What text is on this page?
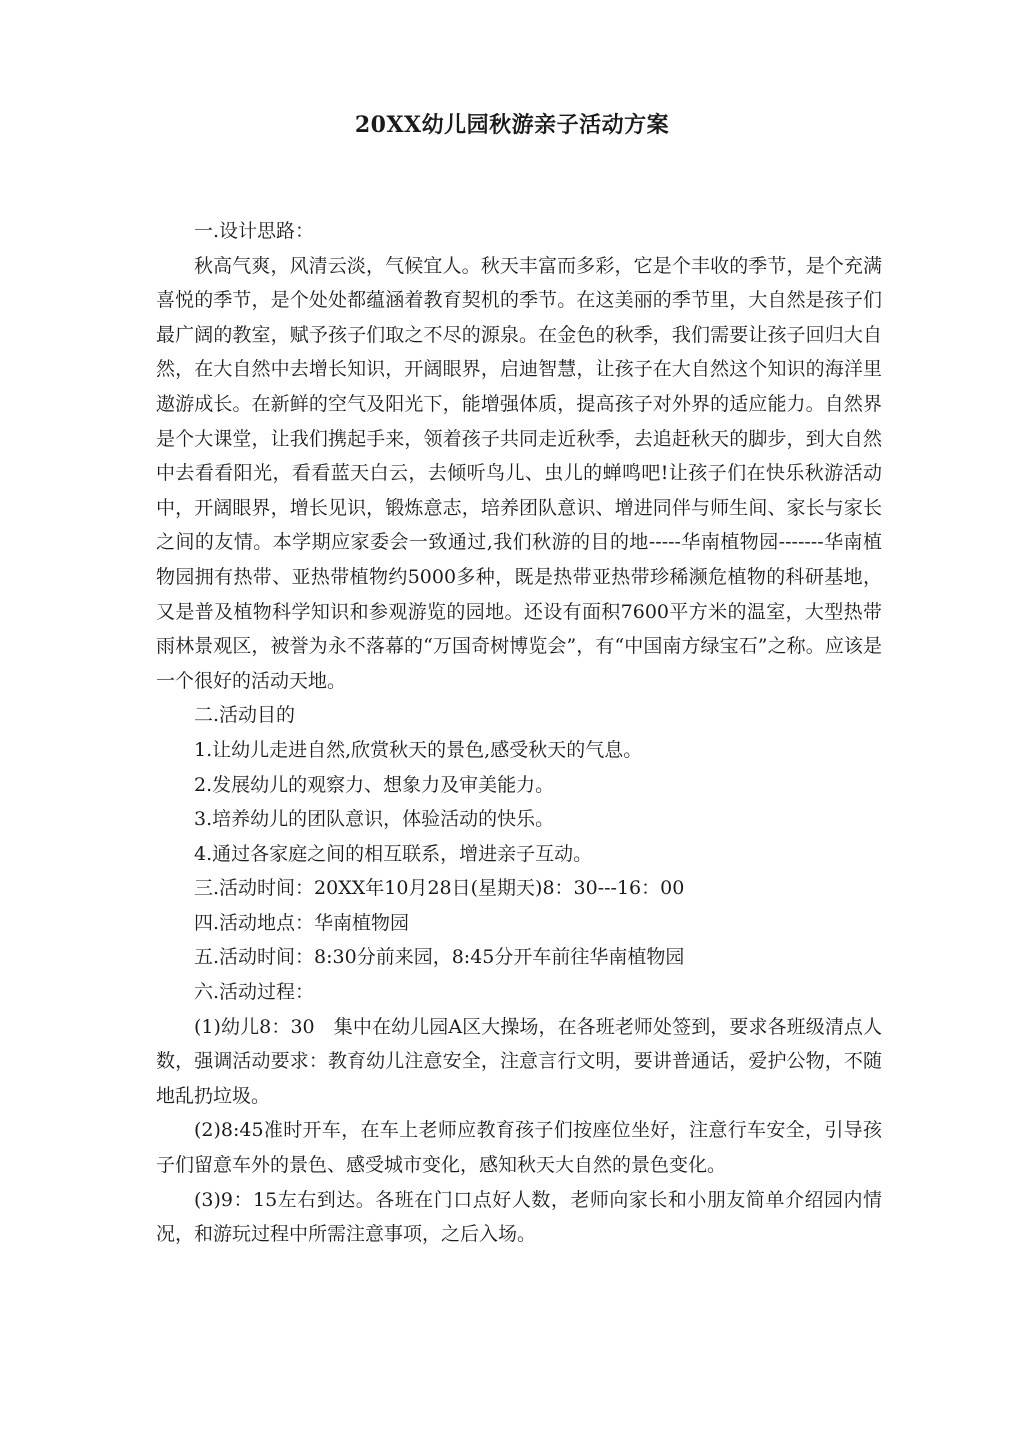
20XX幼儿园秋游亲子活动方案

一.设计思路：

秋高气爽，风清云淡，气候宜人。秋天丰富而多彩，它是个丰收的季节，是个充满喜悦的季节，是个处处都蕴涵着教育契机的季节。在这美丽的季节里，大自然是孩子们最广阔的教室，赋予孩子们取之不尽的源泉。在金色的秋季，我们需要让孩子回归大自然，在大自然中去增长知识，开阔眼界，启迪智慧，让孩子在大自然这个知识的海洋里遨游成长。在新鲜的空气及阳光下，能增强体质，提高孩子对外界的适应能力。自然界是个大课堂，让我们携起手来，领着孩子共同走近秋季，去追赶秋天的脚步，到大自然中去看看阳光，看看蓝天白云，去倾听鸟儿、虫儿的蝉鸣吧!让孩子们在快乐秋游活动中，开阔眼界，增长见识，锻炼意志，培养团队意识、增进同伴与师生间、家长与家长之间的友情。本学期应家委会一致通过,我们秋游的目的地-----华南植物园-------华南植物园拥有热带、亚热带植物约5000多种，既是热带亚热带珍稀濒危植物的科研基地，又是普及植物科学知识和参观游览的园地。还设有面积7600平方米的温室，大型热带雨林景观区，被誉为永不落幕的“万国奇树博览会”，有“中国南方绿宝石”之称。应该是一个很好的活动天地。

二.活动目的

1.让幼儿走进自然,欣赏秋天的景色,感受秋天的气息。

2.发展幼儿的观察力、想象力及审美能力。

3.培养幼儿的团队意识，体验活动的快乐。

4.通过各家庭之间的相互联系，增进亲子互动。

三.活动时间：20XX年10月28日(星期天)8：30---16：00

四.活动地点：华南植物园

五.活动时间：8:30分前来园，8:45分开车前往华南植物园

六.活动过程：

(1)幼儿8：30　集中在幼儿园A区大操场，在各班老师处签到，要求各班级清点人数，强调活动要求：教育幼儿注意安全，注意言行文明，要讲普通话，爱护公物，不随地乱扔垃圾。

(2)8:45准时开车，在车上老师应教育孩子们按座位坐好，注意行车安全，引导孩子们留意车外的景色、感受城市变化，感知秋天大自然的景色变化。

(3)9：15左右到达。各班在门口点好人数，老师向家长和小朋友简单介绍园内情况，和游玩过程中所需注意事项，之后入场。
